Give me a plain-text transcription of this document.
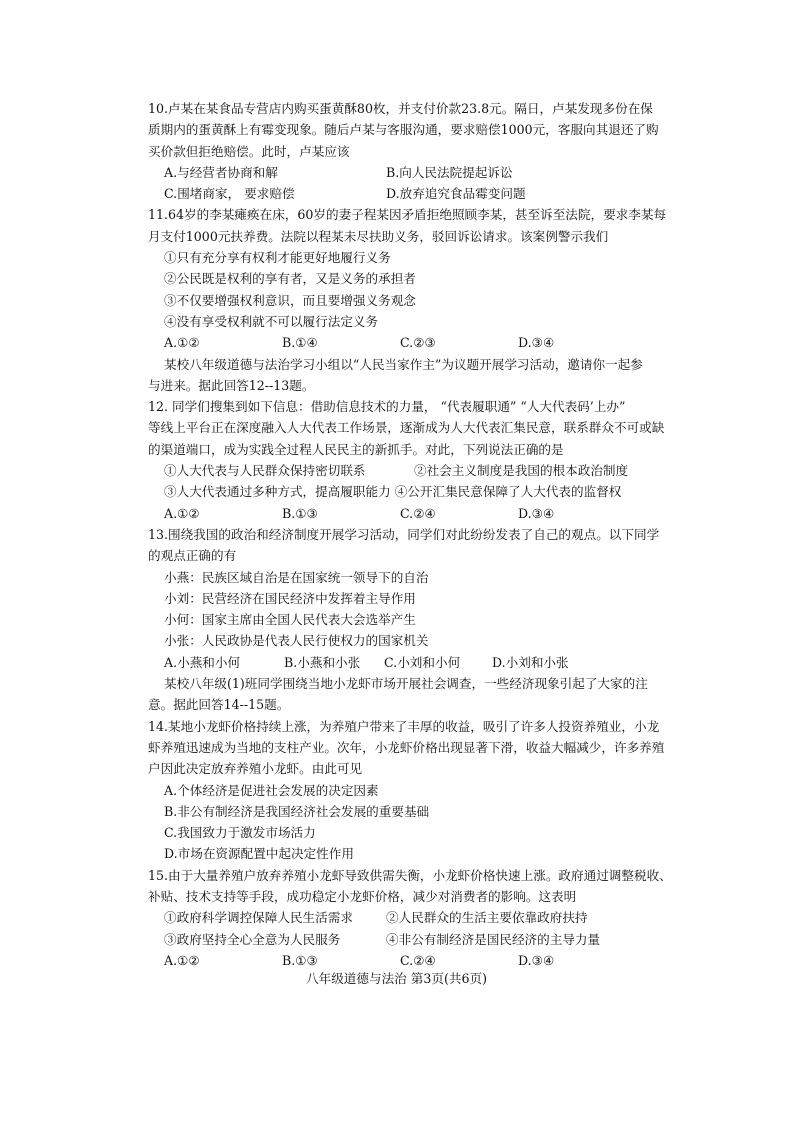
10.卢某在某食品专营店内购买蛋黄酥80枚，并支付价款23.8元。隔日，卢某发现多份在保
质期内的蛋黄酥上有霉变现象。随后卢某与客服沟通，要求赔偿1000元，客服向其退还了购
买价款但拒绝赔偿。此时，卢某应该
A.与经营者协商和解	B.向人民法院提起诉讼
C.围堵商家， 要求赔偿	D.放弃追究食品霉变问题
11.64岁的李某瘫痪在床，60岁的妻子程某因矛盾拒绝照顾李某，甚至诉至法院，要求李某每
月支付1000元扶养费。法院以程某未尽扶助义务，驳回诉讼请求。该案例警示我们
①只有充分享有权利才能更好地履行义务
②公民既是权利的享有者，又是义务的承担者
③不仅要增强权利意识，而且要增强义务观念
④没有享受权利就不可以履行法定义务
A.①②	B.①④	C.②③	D.③④
某校八年级道德与法治学习小组以“人民当家作主”为议题开展学习活动，邀请你一起参
与进来。据此回答12--13题。
12. 同学们搜集到如下信息：借助信息技术的力量， “代表履职通” “人大代表码’上办”
等线上平台正在深度融入人大代表工作场景，逐渐成为人大代表汇集民意，联系群众不可或缺
的渠道端口，成为实践全过程人民民主的新抓手。对此，下列说法正确的是
①人大代表与人民群众保持密切联系	②社会主义制度是我国的根本政治制度
③人大代表通过多种方式，提高履职能力 ④公开汇集民意保障了人大代表的监督权
A.①②	B.①③	C.②④	D.③④
13.围绕我国的政治和经济制度开展学习活动，同学们对此纷纷发表了自己的观点。以下同学
的观点正确的有
小燕：民族区域自治是在国家统一领导下的自治
小刘：民营经济在国民经济中发挥着主导作用
小何：国家主席由全国人民代表大会选举产生
小张：人民政协是代表人民行使权力的国家机关
A.小燕和小何	B.小燕和小张	C.小刘和小何	D.小刘和小张
某校八年级(1)班同学围绕当地小龙虾市场开展社会调查，一些经济现象引起了大家的注
意。据此回答14--15题。
14.某地小龙虾价格持续上涨，为养殖户带来了丰厚的收益，吸引了许多人投资养殖业，小龙
虾养殖迅速成为当地的支柱产业。次年，小龙虾价格出现显著下滑，收益大幅减少，许多养殖
户因此决定放弃养殖小龙虾。由此可见
A.个体经济是促进社会发展的决定因素
B.非公有制经济是我国经济社会发展的重要基础
C.我国致力于激发市场活力
D.市场在资源配置中起决定性作用
15.由于大量养殖户放弃养殖小龙虾导致供需失衡，小龙虾价格快速上涨。政府通过调整税收、
补贴、技术支持等手段，成功稳定小龙虾价格，减少对消费者的影响。这表明
①政府科学调控保障人民生活需求	②人民群众的生活主要依靠政府扶持
③政府坚持全心全意为人民服务	④非公有制经济是国民经济的主导力量
A.①②	B.①③	C.②④	D.③④
八年级道德与法治 第3页(共6页)
